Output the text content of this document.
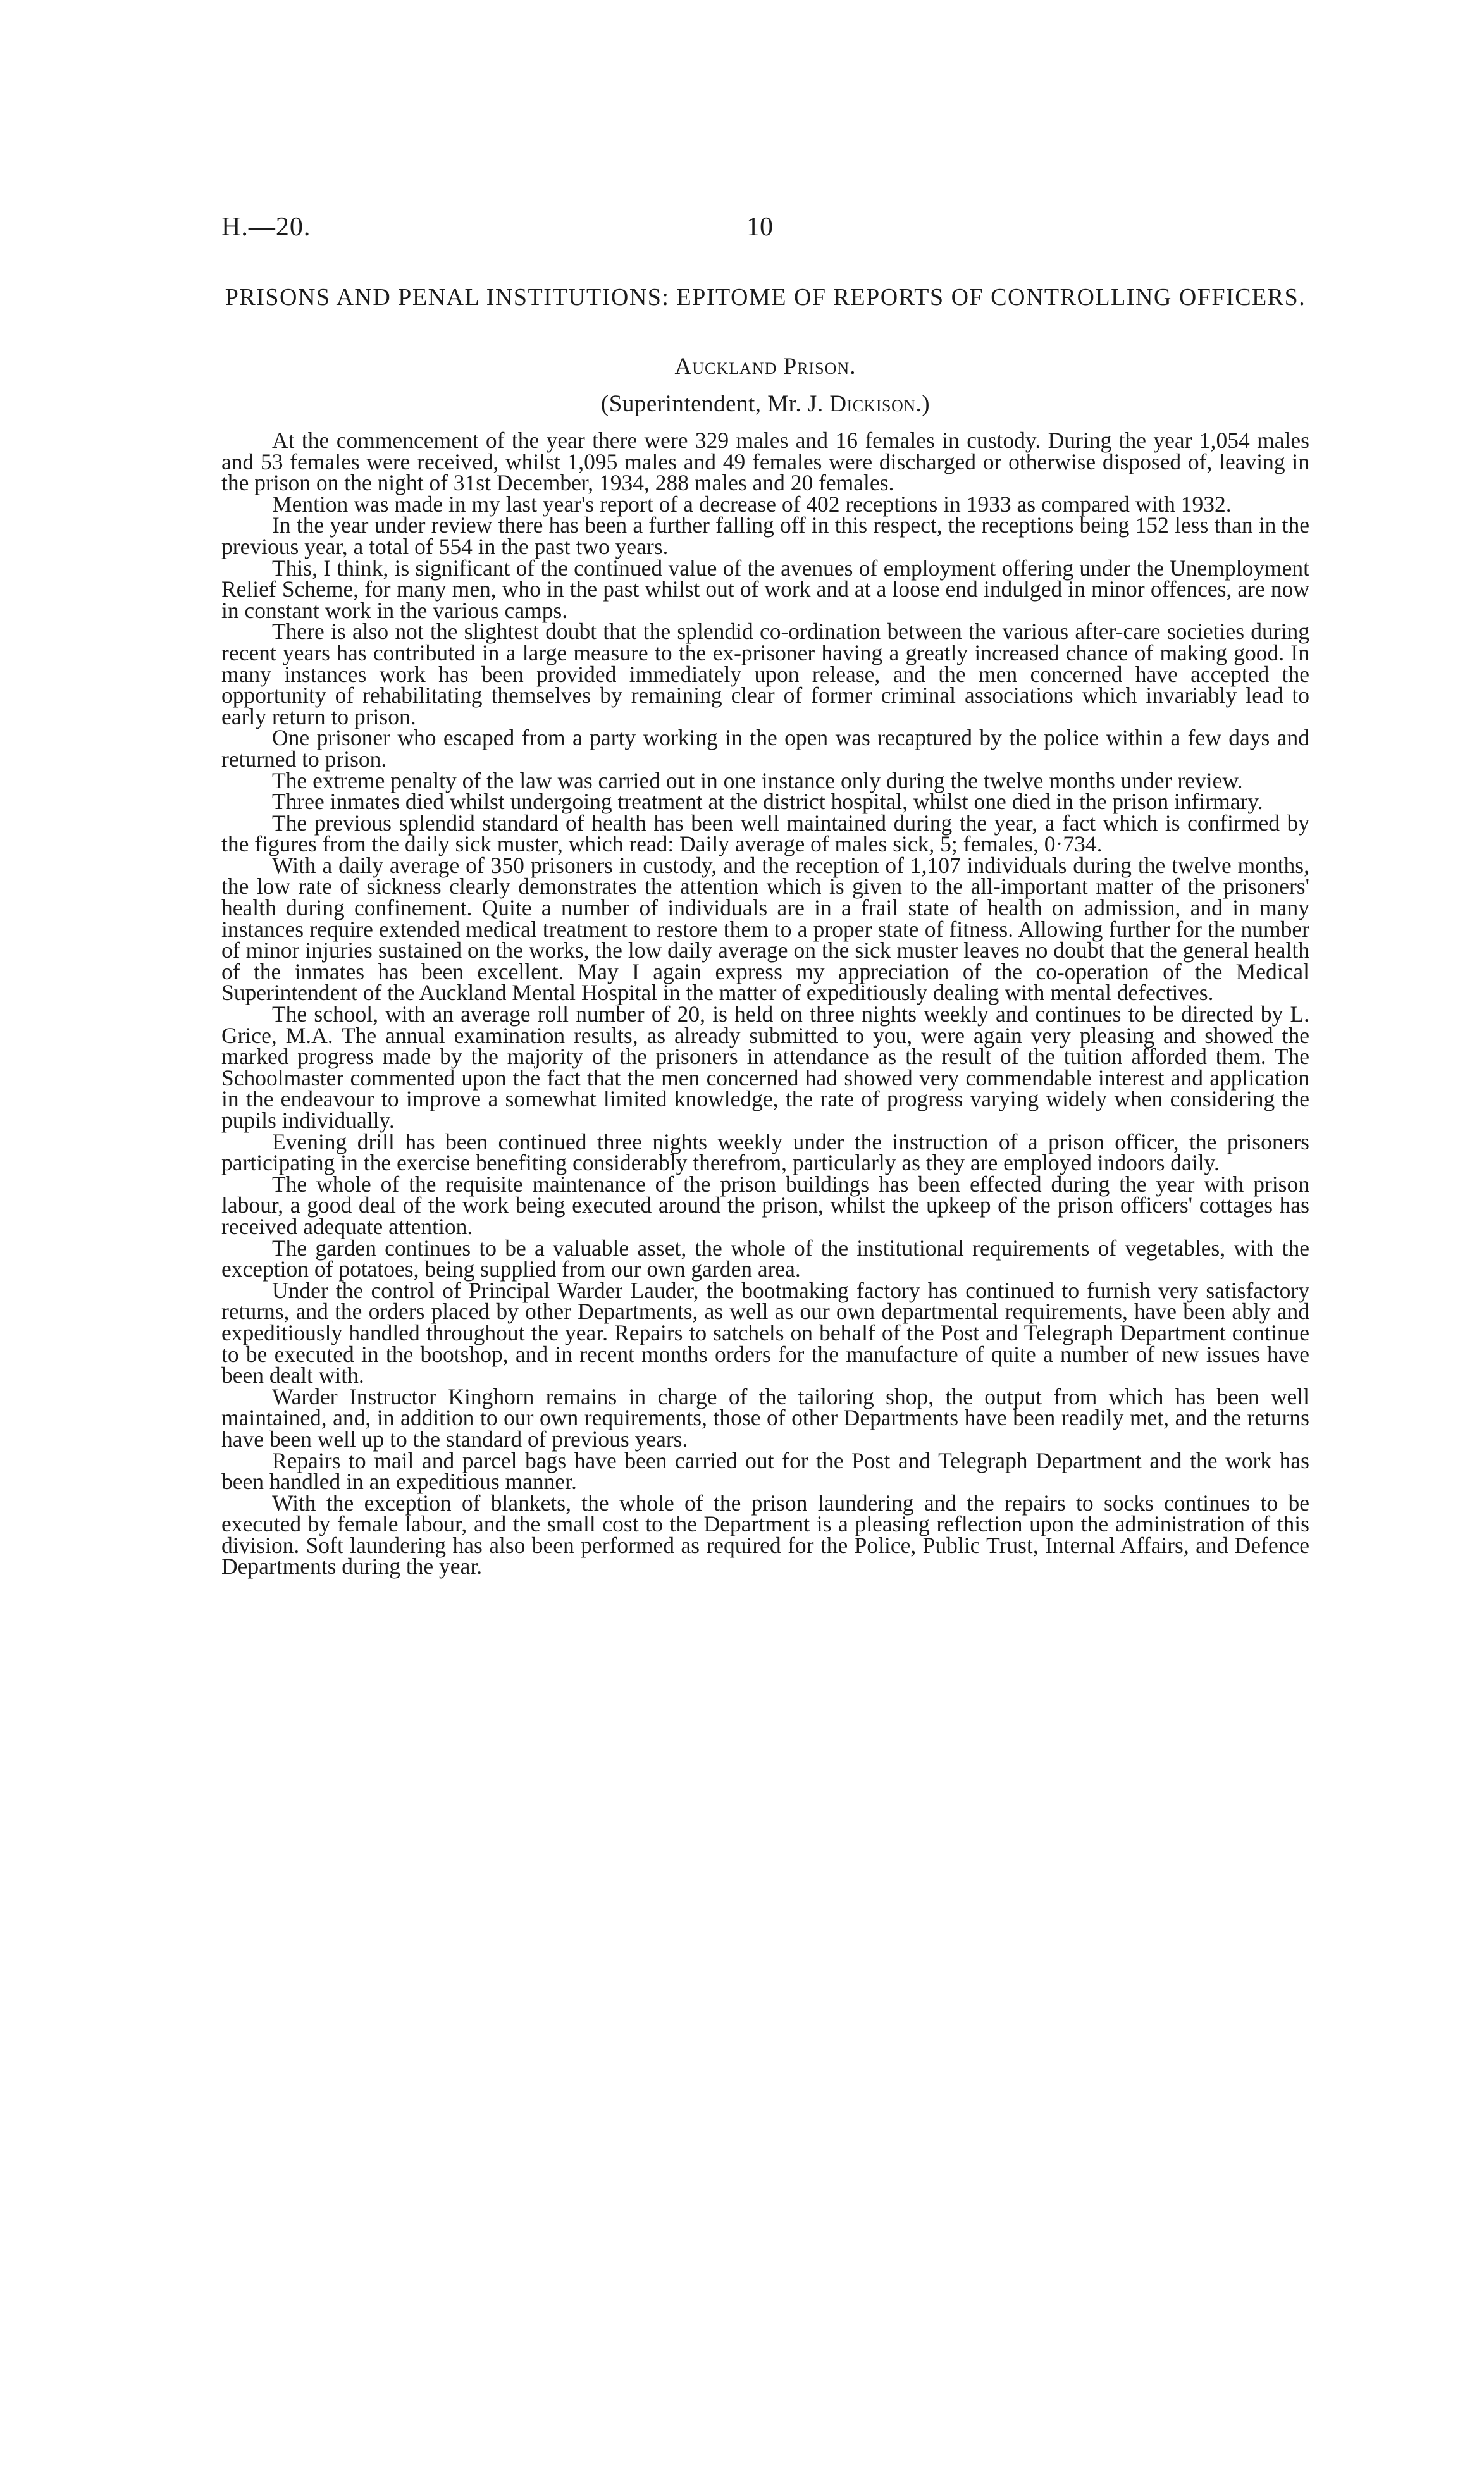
H.—20.	10
PRISONS AND PENAL INSTITUTIONS: EPITOME OF REPORTS OF CONTROLLING OFFICERS.
Auckland Prison.
(Superintendent, Mr. J. Dickison.)

At the commencement of the year there were 329 males and 16 females in custody. During the year 1,054 males and 53 females were received, whilst 1,095 males and 49 females were discharged or otherwise disposed of, leaving in the prison on the night of 31st December, 1934, 288 males and 20 females.

Mention was made in my last year's report of a decrease of 402 receptions in 1933 as compared with 1932.

In the year under review there has been a further falling off in this respect, the receptions being 152 less than in the previous year, a total of 554 in the past two years.

This, I think, is significant of the continued value of the avenues of employment offering under the Unemployment Relief Scheme, for many men, who in the past whilst out of work and at a loose end indulged in minor offences, are now in constant work in the various camps.

There is also not the slightest doubt that the splendid co-ordination between the various after-care societies during recent years has contributed in a large measure to the ex-prisoner having a greatly increased chance of making good. In many instances work has been provided immediately upon release, and the men concerned have accepted the opportunity of rehabilitating themselves by remaining clear of former criminal associations which invariably lead to early return to prison.

One prisoner who escaped from a party working in the open was recaptured by the police within a few days and returned to prison.

The extreme penalty of the law was carried out in one instance only during the twelve months under review.

Three inmates died whilst undergoing treatment at the district hospital, whilst one died in the prison infirmary.

The previous splendid standard of health has been well maintained during the year, a fact which is confirmed by the figures from the daily sick muster, which read: Daily average of males sick, 5; females, 0·734.

With a daily average of 350 prisoners in custody, and the reception of 1,107 individuals during the twelve months, the low rate of sickness clearly demonstrates the attention which is given to the all-important matter of the prisoners' health during confinement. Quite a number of individuals are in a frail state of health on admission, and in many instances require extended medical treatment to restore them to a proper state of fitness. Allowing further for the number of minor injuries sustained on the works, the low daily average on the sick muster leaves no doubt that the general health of the inmates has been excellent. May I again express my appreciation of the co-operation of the Medical Superintendent of the Auckland Mental Hospital in the matter of expeditiously dealing with mental defectives.

The school, with an average roll number of 20, is held on three nights weekly and continues to be directed by L. Grice, M.A. The annual examination results, as already submitted to you, were again very pleasing and showed the marked progress made by the majority of the prisoners in attendance as the result of the tuition afforded them. The Schoolmaster commented upon the fact that the men concerned had showed very commendable interest and application in the endeavour to improve a somewhat limited knowledge, the rate of progress varying widely when considering the pupils individually.

Evening drill has been continued three nights weekly under the instruction of a prison officer, the prisoners participating in the exercise benefiting considerably therefrom, particularly as they are employed indoors daily.

The whole of the requisite maintenance of the prison buildings has been effected during the year with prison labour, a good deal of the work being executed around the prison, whilst the upkeep of the prison officers' cottages has received adequate attention.

The garden continues to be a valuable asset, the whole of the institutional requirements of vegetables, with the exception of potatoes, being supplied from our own garden area.

Under the control of Principal Warder Lauder, the bootmaking factory has continued to furnish very satisfactory returns, and the orders placed by other Departments, as well as our own departmental requirements, have been ably and expeditiously handled throughout the year. Repairs to satchels on behalf of the Post and Telegraph Department continue to be executed in the bootshop, and in recent months orders for the manufacture of quite a number of new issues have been dealt with.

Warder Instructor Kinghorn remains in charge of the tailoring shop, the output from which has been well maintained, and, in addition to our own requirements, those of other Departments have been readily met, and the returns have been well up to the standard of previous years.

Repairs to mail and parcel bags have been carried out for the Post and Telegraph Department and the work has been handled in an expeditious manner.

With the exception of blankets, the whole of the prison laundering and the repairs to socks continues to be executed by female labour, and the small cost to the Department is a pleasing reflection upon the administration of this division. Soft laundering has also been performed as required for the Police, Public Trust, Internal Affairs, and Defence Departments during the year.
